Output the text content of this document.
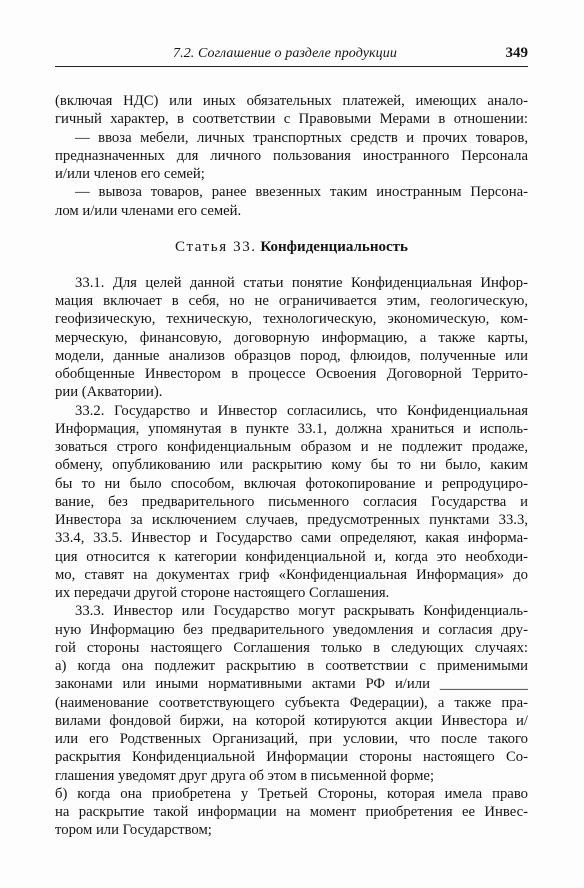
7.2. Соглашение о разделе продукции	349
(включая НДС) или иных обязательных платежей, имеющих анало-
гичный характер, в соответствии с Правовыми Мерами в отношении:
— ввоза мебели, личных транспортных средств и прочих товаров,
предназначенных для личного пользования иностранного Персонала
и/или членов его семей;
— вывоза товаров, ранее ввезенных таким иностранным Персона-
лом и/или членами его семей.
Статья 33. Конфиденциальность
33.1. Для целей данной статьи понятие Конфиденциальная Инфор-
мация включает в себя, но не ограничивается этим, геологическую,
геофизическую, техническую, технологическую, экономическую, ком-
мерческую, финансовую, договорную информацию, а также карты,
модели, данные анализов образцов пород, флюидов, полученные или
обобщенные Инвестором в процессе Освоения Договорной Террито-
рии (Акватории).
33.2. Государство и Инвестор согласились, что Конфиденциальная
Информация, упомянутая в пункте 33.1, должна храниться и исполь-
зоваться строго конфиденциальным образом и не подлежит продаже,
обмену, опубликованию или раскрытию кому бы то ни было, каким
бы то ни было способом, включая фотокопирование и репродуциро-
вание, без предварительного письменного согласия Государства и
Инвестора за исключением случаев, предусмотренных пунктами 33.3,
33.4, 33.5. Инвестор и Государство сами определяют, какая информа-
ция относится к категории конфиденциальной и, когда это необходи-
мо, ставят на документах гриф «Конфиденциальная Информация» до
их передачи другой стороне настоящего Соглашения.
33.3. Инвестор или Государство могут раскрывать Конфиденциаль-
ную Информацию без предварительного уведомления и согласия дру-
гой стороны настоящего Соглашения только в следующих случаях:
а) когда она подлежит раскрытию в соответствии с применимыми
законами или иными нормативными актами РФ и/или ____________
(наименование соответствующего субъекта Федерации), а также пра-
вилами фондовой биржи, на которой котируются акции Инвестора и/
или его Родственных Организаций, при условии, что после такого
раскрытия Конфиденциальной Информации стороны настоящего Со-
глашения уведомят друг друга об этом в письменной форме;
б) когда она приобретена у Третьей Стороны, которая имела право
на раскрытие такой информации на момент приобретения ее Инвес-
тором или Государством;
